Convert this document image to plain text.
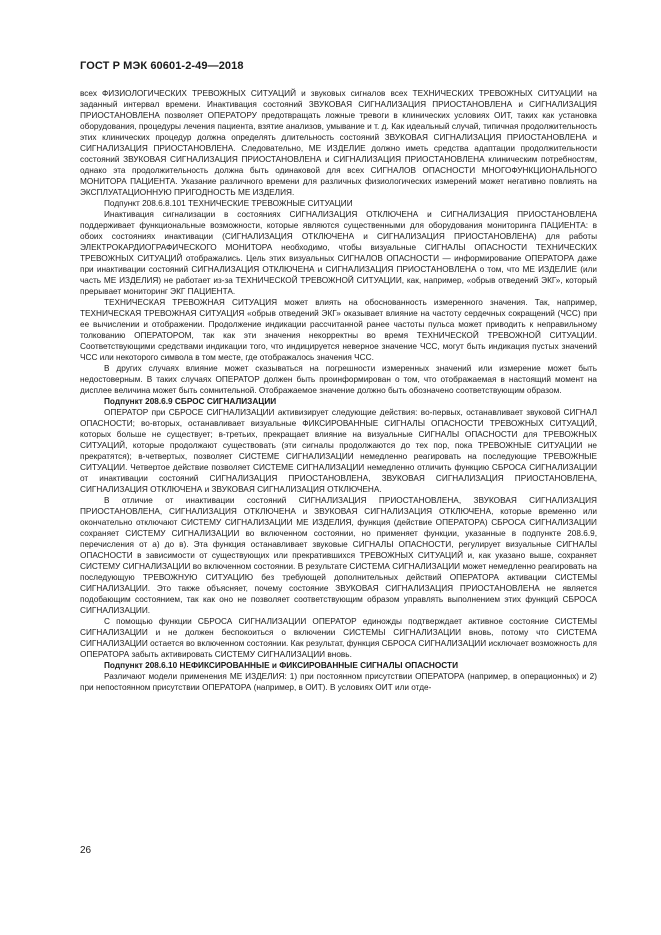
ГОСТ Р МЭК 60601-2-49—2018

всех ФИЗИОЛОГИЧЕСКИХ ТРЕВОЖНЫХ СИТУАЦИЙ и звуковых сигналов всех ТЕХНИЧЕСКИХ ТРЕВОЖНЫХ СИТУАЦИИ на заданный интервал времени. Инактивация состояний ЗВУКОВАЯ СИГНАЛИЗАЦИЯ ПРИОСТАНОВЛЕНА и СИГНАЛИЗАЦИЯ ПРИОСТАНОВЛЕНА позволяет ОПЕРАТОРУ предотвращать ложные тревоги в клинических условиях ОИТ, таких как установка оборудования, процедуры лечения пациента, взятие анализов, умывание и т. д. Как идеальный случай, типичная продолжительность этих клинических процедур должна определять длительность состояний ЗВУКОВАЯ СИГНАЛИЗАЦИЯ ПРИОСТАНОВЛЕНА и СИГНАЛИЗАЦИЯ ПРИОСТАНОВЛЕНА. Следовательно, МЕ ИЗДЕЛИЕ должно иметь средства адаптации продолжительности состояний ЗВУКОВАЯ СИГНАЛИЗАЦИЯ ПРИОСТАНОВЛЕНА и СИГНАЛИЗАЦИЯ ПРИОСТАНОВЛЕНА клиническим потребностям, однако эта продолжительность должна быть одинаковой для всех СИГНАЛОВ ОПАСНОСТИ МНОГОФУНКЦИОНАЛЬНОГО МОНИТОРА ПАЦИЕНТА. Указание различного времени для различных физиологических измерений может негативно повлиять на ЭКСПЛУАТАЦИОННУЮ ПРИГОДНОСТЬ МЕ ИЗДЕЛИЯ.

Подпункт 208.6.8.101 ТЕХНИЧЕСКИЕ ТРЕВОЖНЫЕ СИТУАЦИИ

Инактивация сигнализации в состояниях СИГНАЛИЗАЦИЯ ОТКЛЮЧЕНА и СИГНАЛИЗАЦИЯ ПРИОСТАНОВЛЕНА поддерживает функциональные возможности, которые являются существенными для оборудования мониторинга ПАЦИЕНТА: в обоих состояниях инактивации (СИГНАЛИЗАЦИЯ ОТКЛЮЧЕНА и СИГНАЛИЗАЦИЯ ПРИОСТАНОВЛЕНА) для работы ЭЛЕКТРОКАРДИОГРАФИЧЕСКОГО МОНИТОРА необходимо, чтобы визуальные СИГНАЛЫ ОПАСНОСТИ ТЕХНИЧЕСКИХ ТРЕВОЖНЫХ СИТУАЦИЙ отображались. Цель этих визуальных СИГНАЛОВ ОПАСНОСТИ — информирование ОПЕРАТОРА даже при инактивации состояний СИГНАЛИЗАЦИЯ ОТКЛЮЧЕНА и СИГНАЛИЗАЦИЯ ПРИОСТАНОВЛЕНА о том, что МЕ ИЗДЕЛИЕ (или часть МЕ ИЗДЕЛИЯ) не работает из-за ТЕХНИЧЕСКОЙ ТРЕВОЖНОЙ СИТУАЦИИ, как, например, «обрыв отведений ЭКГ», который прерывает мониторинг ЭКГ ПАЦИЕНТА.

ТЕХНИЧЕСКАЯ ТРЕВОЖНАЯ СИТУАЦИЯ может влиять на обоснованность измеренного значения. Так, например, ТЕХНИЧЕСКАЯ ТРЕВОЖНАЯ СИТУАЦИЯ «обрыв отведений ЭКГ» оказывает влияние на частоту сердечных сокращений (ЧСС) при ее вычислении и отображении. Продолжение индикации рассчитанной ранее частоты пульса может приводить к неправильному толкованию ОПЕРАТОРОМ, так как эти значения некорректны во время ТЕХНИЧЕСКОЙ ТРЕВОЖНОЙ СИТУАЦИИ. Соответствующими средствами индикации того, что индицируется неверное значение ЧСС, могут быть индикация пустых значений ЧСС или некоторого символа в том месте, где отображалось значения ЧСС.

В других случаях влияние может сказываться на погрешности измеренных значений или измерение может быть недостоверным. В таких случаях ОПЕРАТОР должен быть проинформирован о том, что отображаемая в настоящий момент на дисплее величина может быть сомнительной. Отображаемое значение должно быть обозначено соответствующим образом.

Подпункт 208.6.9 СБРОС СИГНАЛИЗАЦИИ

ОПЕРАТОР при СБРОСЕ СИГНАЛИЗАЦИИ активизирует следующие действия: во-первых, останавливает звуковой СИГНАЛ ОПАСНОСТИ; во-вторых, останавливает визуальные ФИКСИРОВАННЫЕ СИГНАЛЫ ОПАСНОСТИ ТРЕВОЖНЫХ СИТУАЦИЙ, которых больше не существует; в-третьих, прекращает влияние на визуальные СИГНАЛЫ ОПАСНОСТИ для ТРЕВОЖНЫХ СИТУАЦИЙ, которые продолжают существовать (эти сигналы продолжаются до тех пор, пока ТРЕВОЖНЫЕ СИТУАЦИИ не прекратятся); в-четвертых, позволяет СИСТЕМЕ СИГНАЛИЗАЦИИ немедленно реагировать на последующие ТРЕВОЖНЫЕ СИТУАЦИИ. Четвертое действие позволяет СИСТЕМЕ СИГНАЛИЗАЦИИ немедленно отличить функцию СБРОСА СИГНАЛИЗАЦИИ от инактивации состояний СИГНАЛИЗАЦИЯ ПРИОСТАНОВЛЕНА, ЗВУКОВАЯ СИГНАЛИЗАЦИЯ ПРИОСТАНОВЛЕНА, СИГНАЛИЗАЦИЯ ОТКЛЮЧЕНА и ЗВУКОВАЯ СИГНАЛИЗАЦИЯ ОТКЛЮЧЕНА.

В отличие от инактивации состояний СИГНАЛИЗАЦИЯ ПРИОСТАНОВЛЕНА, ЗВУКОВАЯ СИГНАЛИЗАЦИЯ ПРИОСТАНОВЛЕНА, СИГНАЛИЗАЦИЯ ОТКЛЮЧЕНА и ЗВУКОВАЯ СИГНАЛИЗАЦИЯ ОТКЛЮЧЕНА, которые временно или окончательно отключают СИСТЕМУ СИГНАЛИЗАЦИИ МЕ ИЗДЕЛИЯ, функция (действие ОПЕРАТОРА) СБРОСА СИГНАЛИЗАЦИИ сохраняет СИСТЕМУ СИГНАЛИЗАЦИИ во включенном состоянии, но применяет функции, указанные в подпункте 208.6.9, перечисления от а) до в). Эта функция останавливает звуковые СИГНАЛЫ ОПАСНОСТИ, регулирует визуальные СИГНАЛЫ ОПАСНОСТИ в зависимости от существующих или прекратившихся ТРЕВОЖНЫХ СИТУАЦИЙ и, как указано выше, сохраняет СИСТЕМУ СИГНАЛИЗАЦИИ во включенном состоянии. В результате СИСТЕМА СИГНАЛИЗАЦИИ может немедленно реагировать на последующую ТРЕВОЖНУЮ СИТУАЦИЮ без требующей дополнительных действий ОПЕРАТОРА активации СИСТЕМЫ СИГНАЛИЗАЦИИ. Это также объясняет, почему состояние ЗВУКОВАЯ СИГНАЛИЗАЦИЯ ПРИОСТАНОВЛЕНА не является подобающим состоянием, так как оно не позволяет соответствующим образом управлять выполнением этих функций СБРОСА СИГНАЛИЗАЦИИ.

С помощью функции СБРОСА СИГНАЛИЗАЦИИ ОПЕРАТОР единожды подтверждает активное состояние СИСТЕМЫ СИГНАЛИЗАЦИИ и не должен беспокоиться о включении СИСТЕМЫ СИГНАЛИЗАЦИИ вновь, потому что СИСТЕМА СИГНАЛИЗАЦИИ остается во включенном состоянии. Как результат, функция СБРОСА СИГНАЛИЗАЦИИ исключает возможность для ОПЕРАТОРА забыть активировать СИСТЕМУ СИГНАЛИЗАЦИИ вновь.

Подпункт 208.6.10 НЕФИКСИРОВАННЫЕ и ФИКСИРОВАННЫЕ СИГНАЛЫ ОПАСНОСТИ

Различают модели применения МЕ ИЗДЕЛИЯ: 1) при постоянном присутствии ОПЕРАТОРА (например, в операционных) и 2) при непостоянном присутствии ОПЕРАТОРА (например, в ОИТ). В условиях ОИТ или отде-

26
